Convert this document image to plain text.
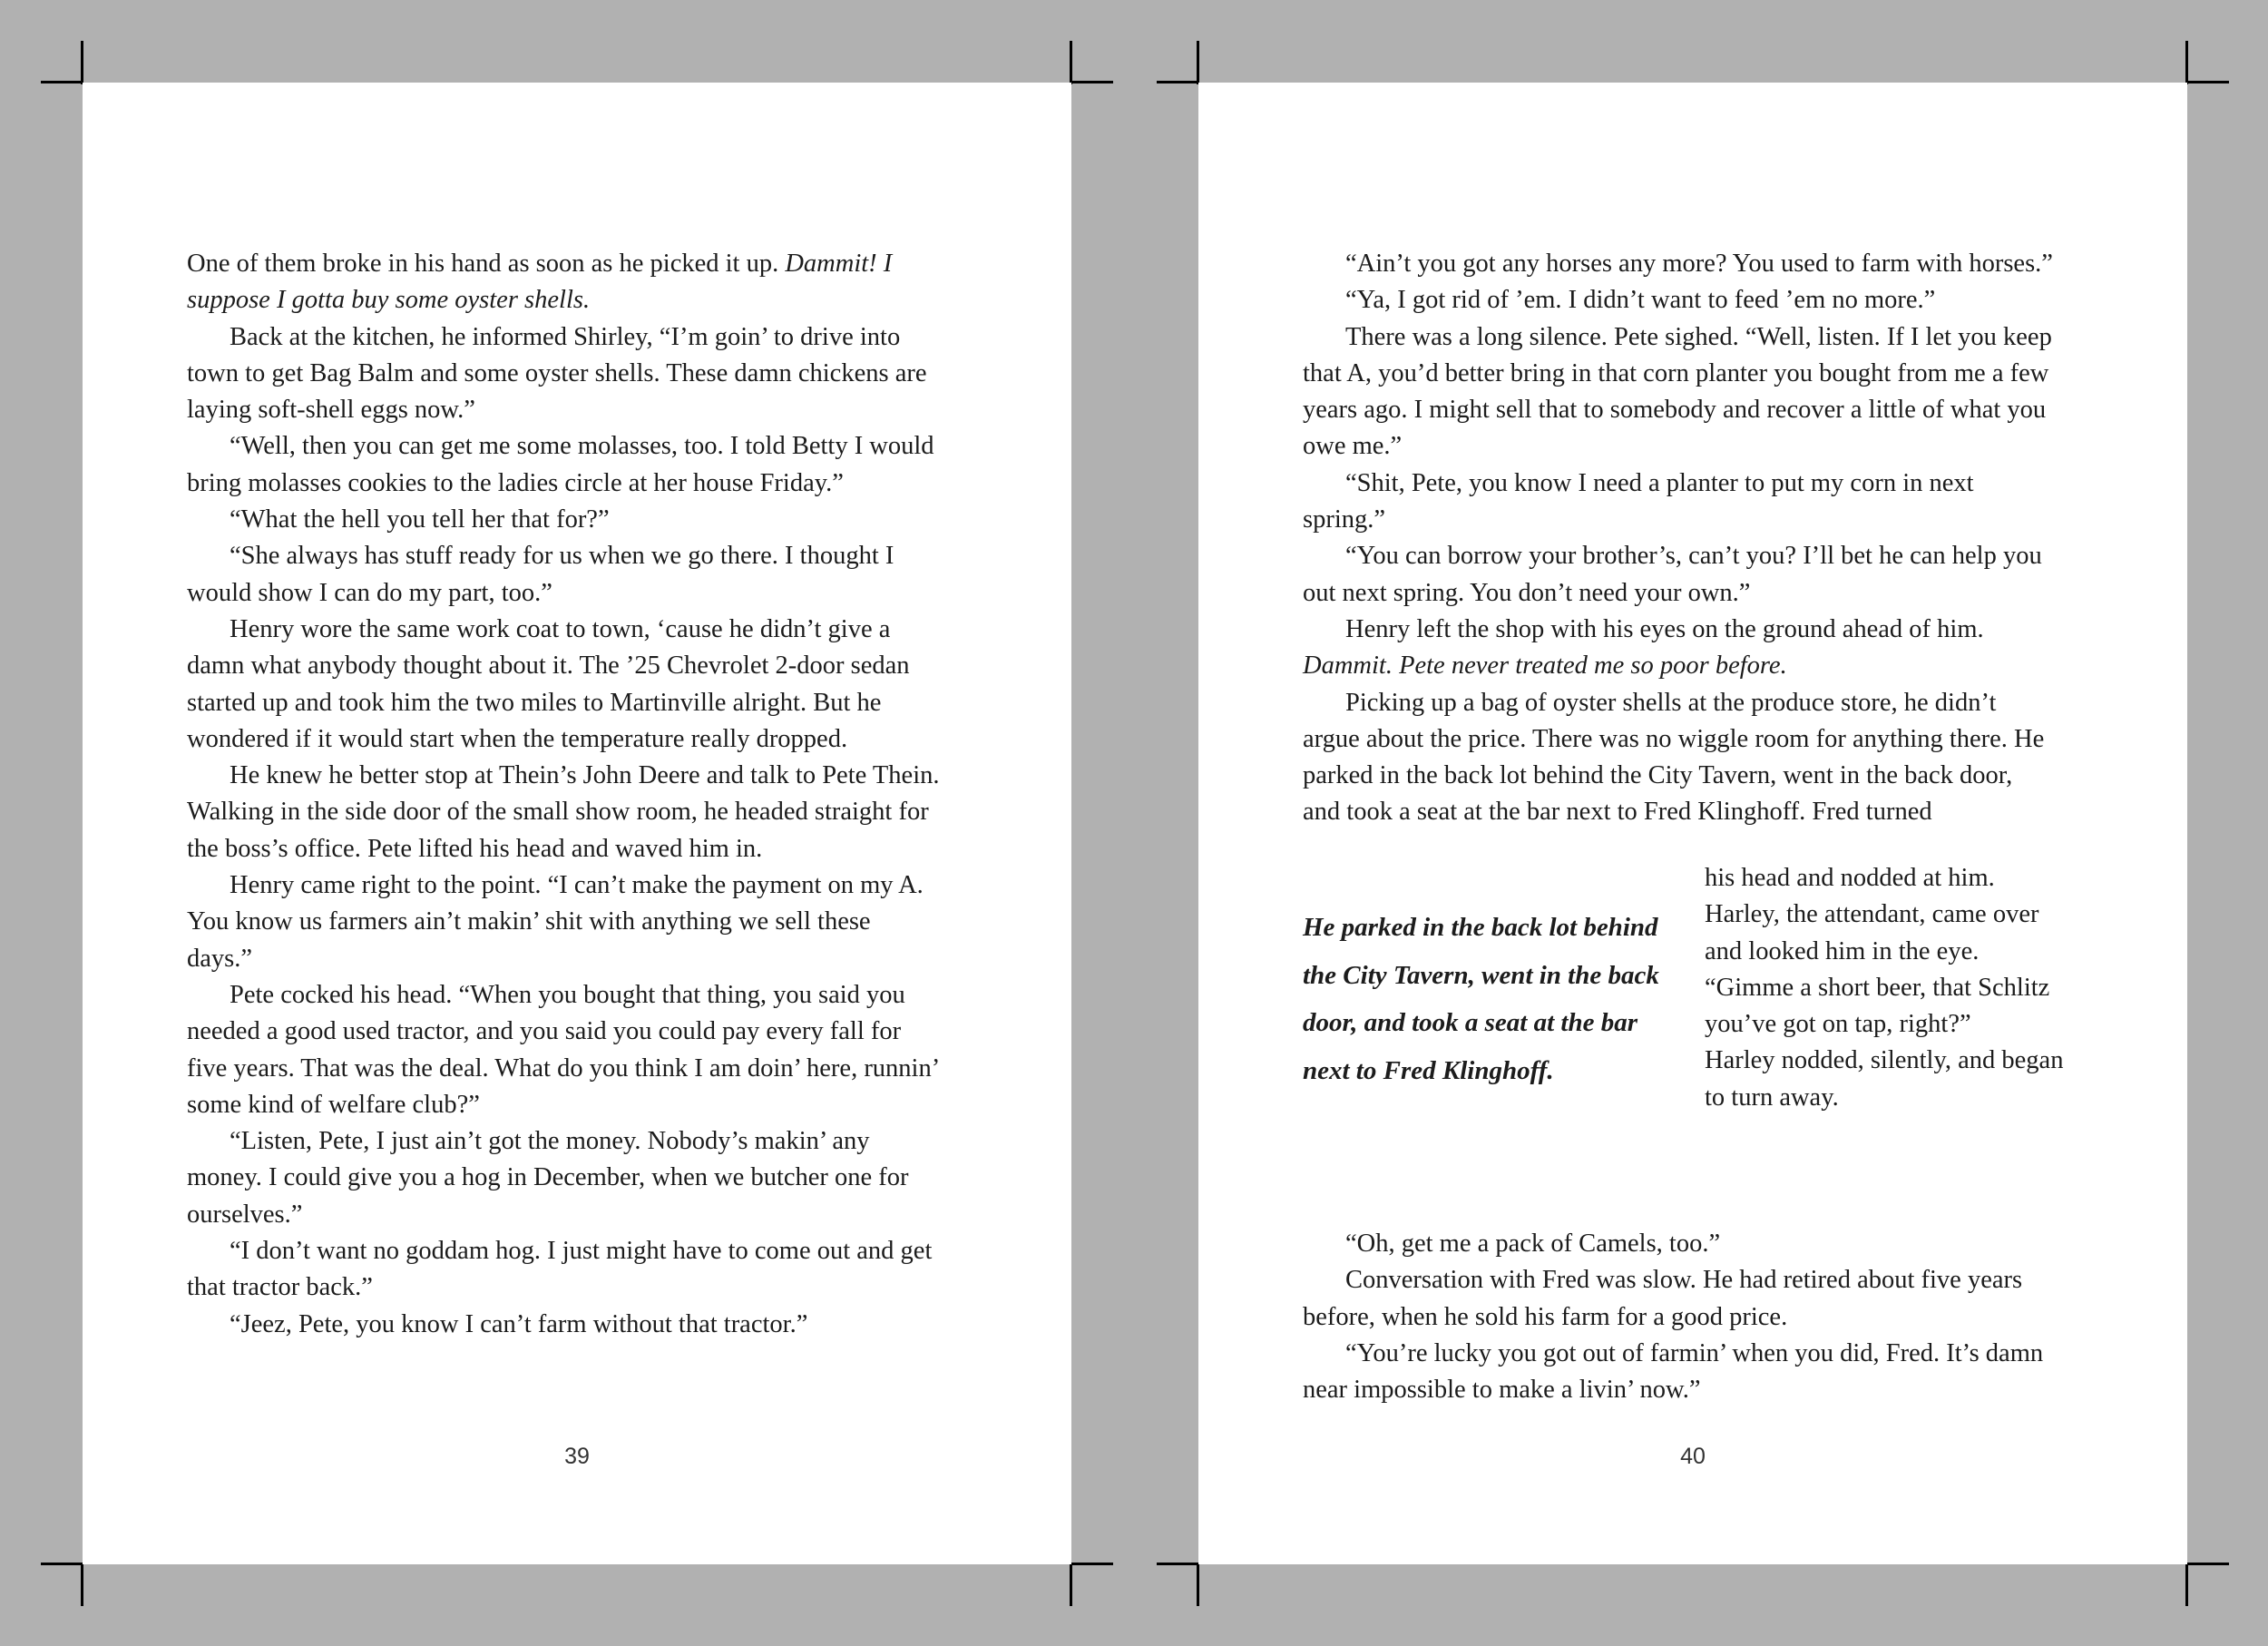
One of them broke in his hand as soon as he picked it up. Dammit! I suppose I gotta buy some oyster shells.

Back at the kitchen, he informed Shirley, “I’m goin’ to drive into town to get Bag Balm and some oyster shells. These damn chickens are laying soft-shell eggs now.”

“Well, then you can get me some molasses, too. I told Betty I would bring molasses cookies to the ladies circle at her house Friday.”

“What the hell you tell her that for?”

“She always has stuff ready for us when we go there. I thought I would show I can do my part, too.”

Henry wore the same work coat to town, ‘cause he didn’t give a damn what anybody thought about it. The ’25 Chevrolet 2-door sedan started up and took him the two miles to Martinville alright. But he wondered if it would start when the temperature really dropped.

He knew he better stop at Thein’s John Deere and talk to Pete Thein. Walking in the side door of the small show room, he headed straight for the boss’s office. Pete lifted his head and waved him in.

Henry came right to the point. “I can’t make the payment on my A. You know us farmers ain’t makin’ shit with anything we sell these days.”

Pete cocked his head. “When you bought that thing, you said you needed a good used tractor, and you said you could pay every fall for five years. That was the deal. What do you think I am doin’ here, runnin’ some kind of welfare club?”

“Listen, Pete, I just ain’t got the money. Nobody’s makin’ any money. I could give you a hog in December, when we butcher one for ourselves.”

“I don’t want no goddam hog. I just might have to come out and get that tractor back.”

“Jeez, Pete, you know I can’t farm without that tractor.”

39

“Ain’t you got any horses any more? You used to farm with horses.”

“Ya, I got rid of ’em. I didn’t want to feed ’em no more.”

There was a long silence. Pete sighed. “Well, listen. If I let you keep that A, you’d better bring in that corn planter you bought from me a few years ago. I might sell that to somebody and recover a little of what you owe me.”

“Shit, Pete, you know I need a planter to put my corn in next spring.”

“You can borrow your brother’s, can’t you? I’ll bet he can help you out next spring. You don’t need your own.”

Henry left the shop with his eyes on the ground ahead of him.

Dammit. Pete never treated me so poor before.

Picking up a bag of oyster shells at the produce store, he didn’t argue about the price. There was no wiggle room for anything there. He parked in the back lot behind the City Tavern, went in the back door, and took a seat at the bar next to Fred Klinghoff. Fred turned

He parked in the back lot behind the City Tavern, went in the back door, and took a seat at the bar next to Fred Klinghoff.

his head and nodded at him.

Harley, the attendant, came over and looked him in the eye.

“Gimme a short beer, that Schlitz you’ve got on tap, right?”

Harley nodded, silently, and began to turn away.

“Oh, get me a pack of Camels, too.”

Conversation with Fred was slow. He had retired about five years before, when he sold his farm for a good price.

“You’re lucky you got out of farmin’ when you did, Fred. It’s damn near impossible to make a livin’ now.”

40
